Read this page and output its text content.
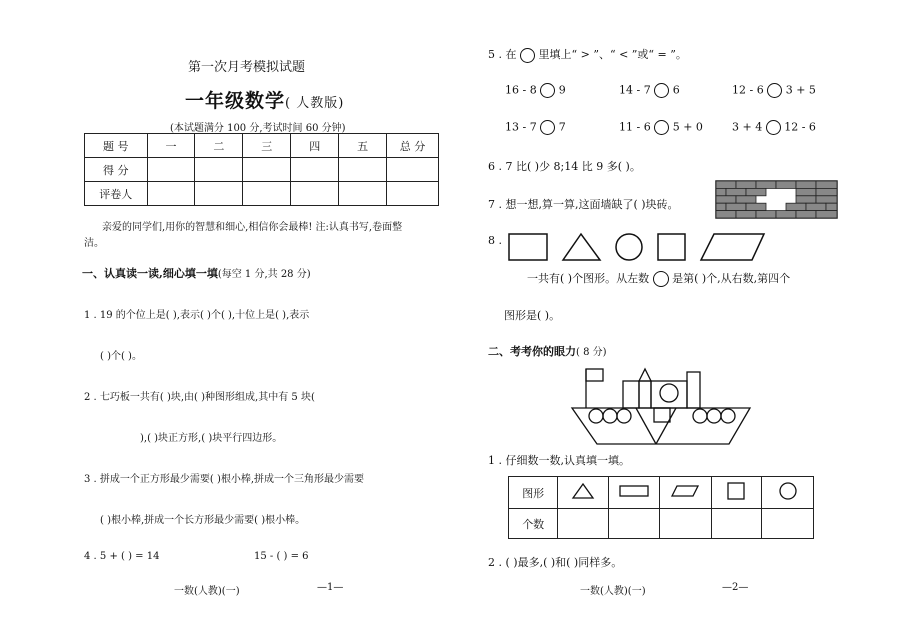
第一次月考模拟试题
一年级数学( 人教版)
(本试题满分 100 分,考试时间 60 分钟)
题 号	一	二	三	四	五	总 分
得 分						
评卷人						
亲爱的同学们,用你的智慧和细心,相信你会最棒! 注:认真书写,卷面整
洁。
一、认真读一读,细心填一填(每空 1 分,共 28 分)
1 . 19 的个位上是( ),表示( )个( ),十位上是( ),表示
( )个( )。
2 . 七巧板一共有( )块,由( )种图形组成,其中有 5 块(
),( )块正方形,( )块平行四边形。
3 . 拼成一个正方形最少需要( )根小棒,拼成一个三角形最少需要
( )根小棒,拼成一个长方形最少需要( )根小棒。
4 . 5 + ( ) = 14	15 - ( ) = 6
一数(人教)(一)	—1—
5 . 在 里填上“ > ”、“ < ”或“ = ”。
16 - 8 9	14 - 7 6	12 - 6 3 + 5
13 - 7 7	11 - 6 5 + 0	3 + 4 12 - 6
6 . 7 比( )少 8;14 比 9 多( )。
7 . 想一想,算一算,这面墙缺了( )块砖。
8 .
一共有( )个图形。从左数 是第( )个,从右数,第四个
图形是( )。
二、考考你的眼力( 8 分)
1 . 仔细数一数,认真填一填。
图形					
个数					
2 . ( )最多,( )和( )同样多。
一数(人教)(一)	—2—
